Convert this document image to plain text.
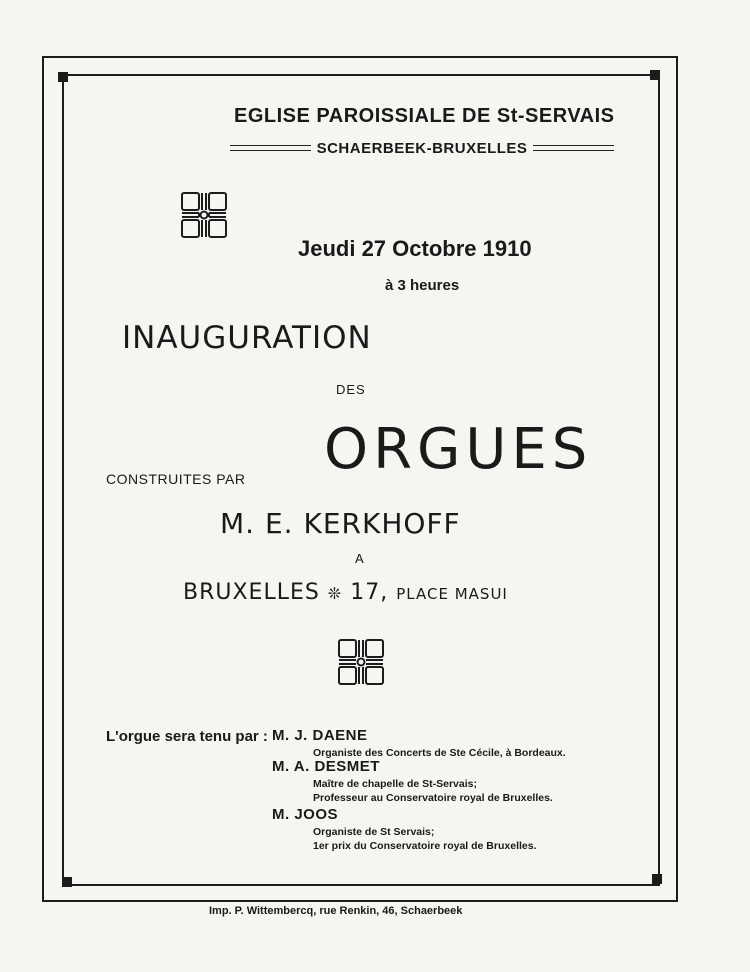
EGLISE PAROISSIALE DE St-SERVAIS
SCHAERBEEK-BRUXELLES
Jeudi 27 Octobre 1910
à 3 heures
INAUGURATION
DES
ORGUES
CONSTRUITES PAR
M. E. KERKHOFF
A
BRUXELLES ❊ 17, PLACE MASUI
L'orgue sera tenu par : M. J. DAENE
Organiste des Concerts de Ste Cécile, à Bordeaux.
M. A. DESMET
Maître de chapelle de St-Servais;
Professeur au Conservatoire royal de Bruxelles.
M. JOOS
Organiste de St Servais;
1er prix du Conservatoire royal de Bruxelles.
Imp. P. Wittembercq, rue Renkin, 46, Schaerbeek
